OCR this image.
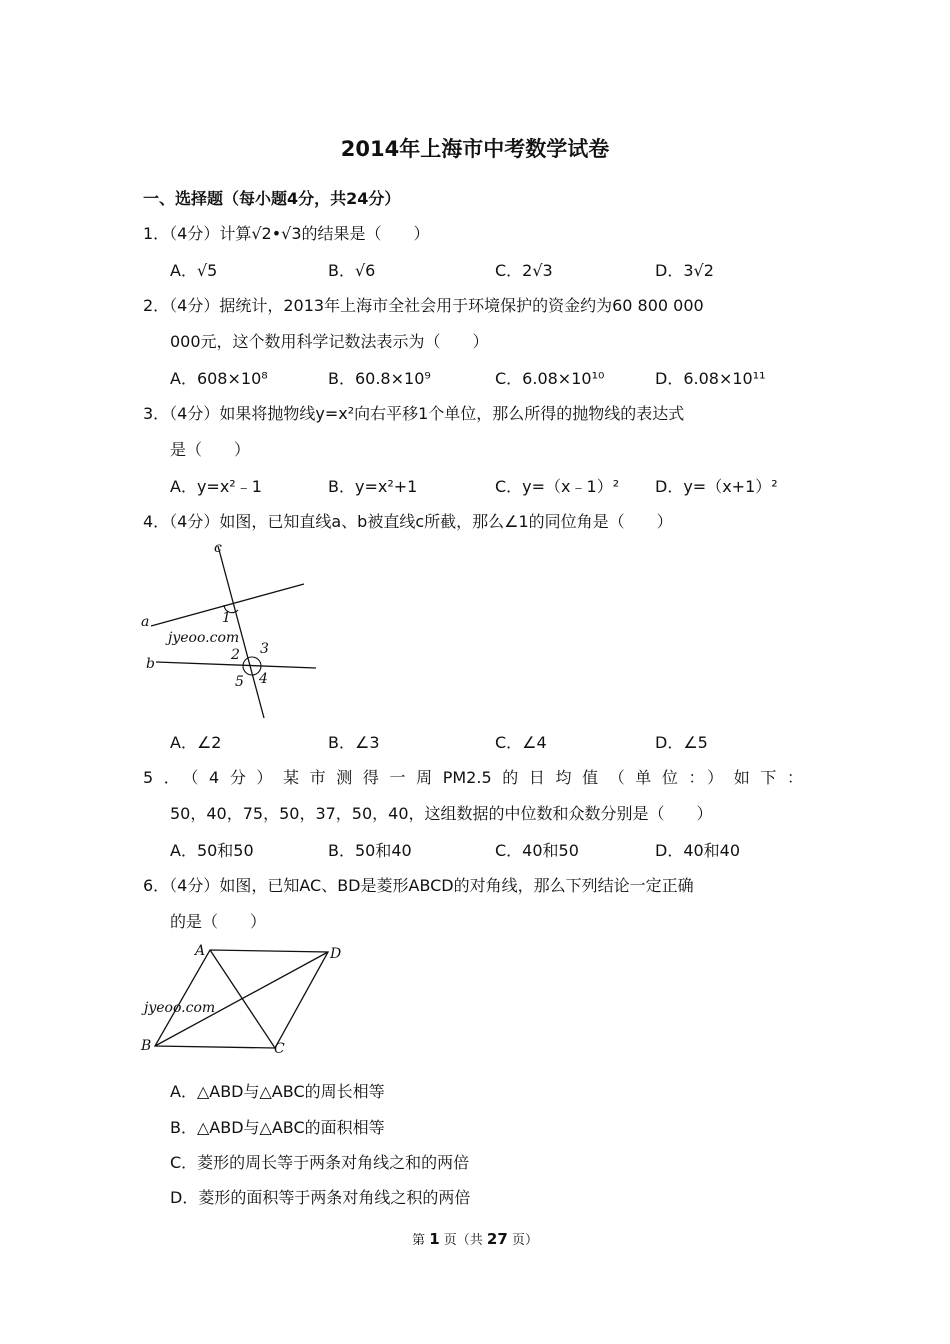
2014年上海市中考数学试卷
一、选择题（每小题4分，共24分）
1．（4分）计算√2•√3的结果是（　　）
A．√5	B．√6	C．2√3	D．3√2
2．（4分）据统计，2013年上海市全社会用于环境保护的资金约为60 800 000
000元，这个数用科学记数法表示为（　　）
A．608×10⁸	B．60.8×10⁹	C．6.08×10¹⁰	D．6.08×10¹¹
3．（4分）如果将抛物线y=x²向右平移1个单位，那么所得的抛物线的表达式
是（　　）
A．y=x²﹣1	B．y=x²+1	C．y=（x﹣1）² D．y=（x+1）²
4．（4分）如图，已知直线a、b被直线c所截，那么∠1的同位角是（　　）
c
a
b
1
2 3
4
5
jyeoo.com
A．∠2	B．∠3	C．∠4	D．∠5
5．（4分）某市测得一周PM2.5的日均值（单位：）如下：
50，40，75，50，37，50，40，这组数据的中位数和众数分别是（　　）
A．50和50	B．50和40	C．40和50	D．40和40
6．（4分）如图，已知AC、BD是菱形ABCD的对角线，那么下列结论一定正确
的是（　　）
A
B	C
D
jyeoo.com
A．△ABD与△ABC的周长相等
B．△ABD与△ABC的面积相等
C．菱形的周长等于两条对角线之和的两倍
D．菱形的面积等于两条对角线之积的两倍
第 1 页（共 27 页）
